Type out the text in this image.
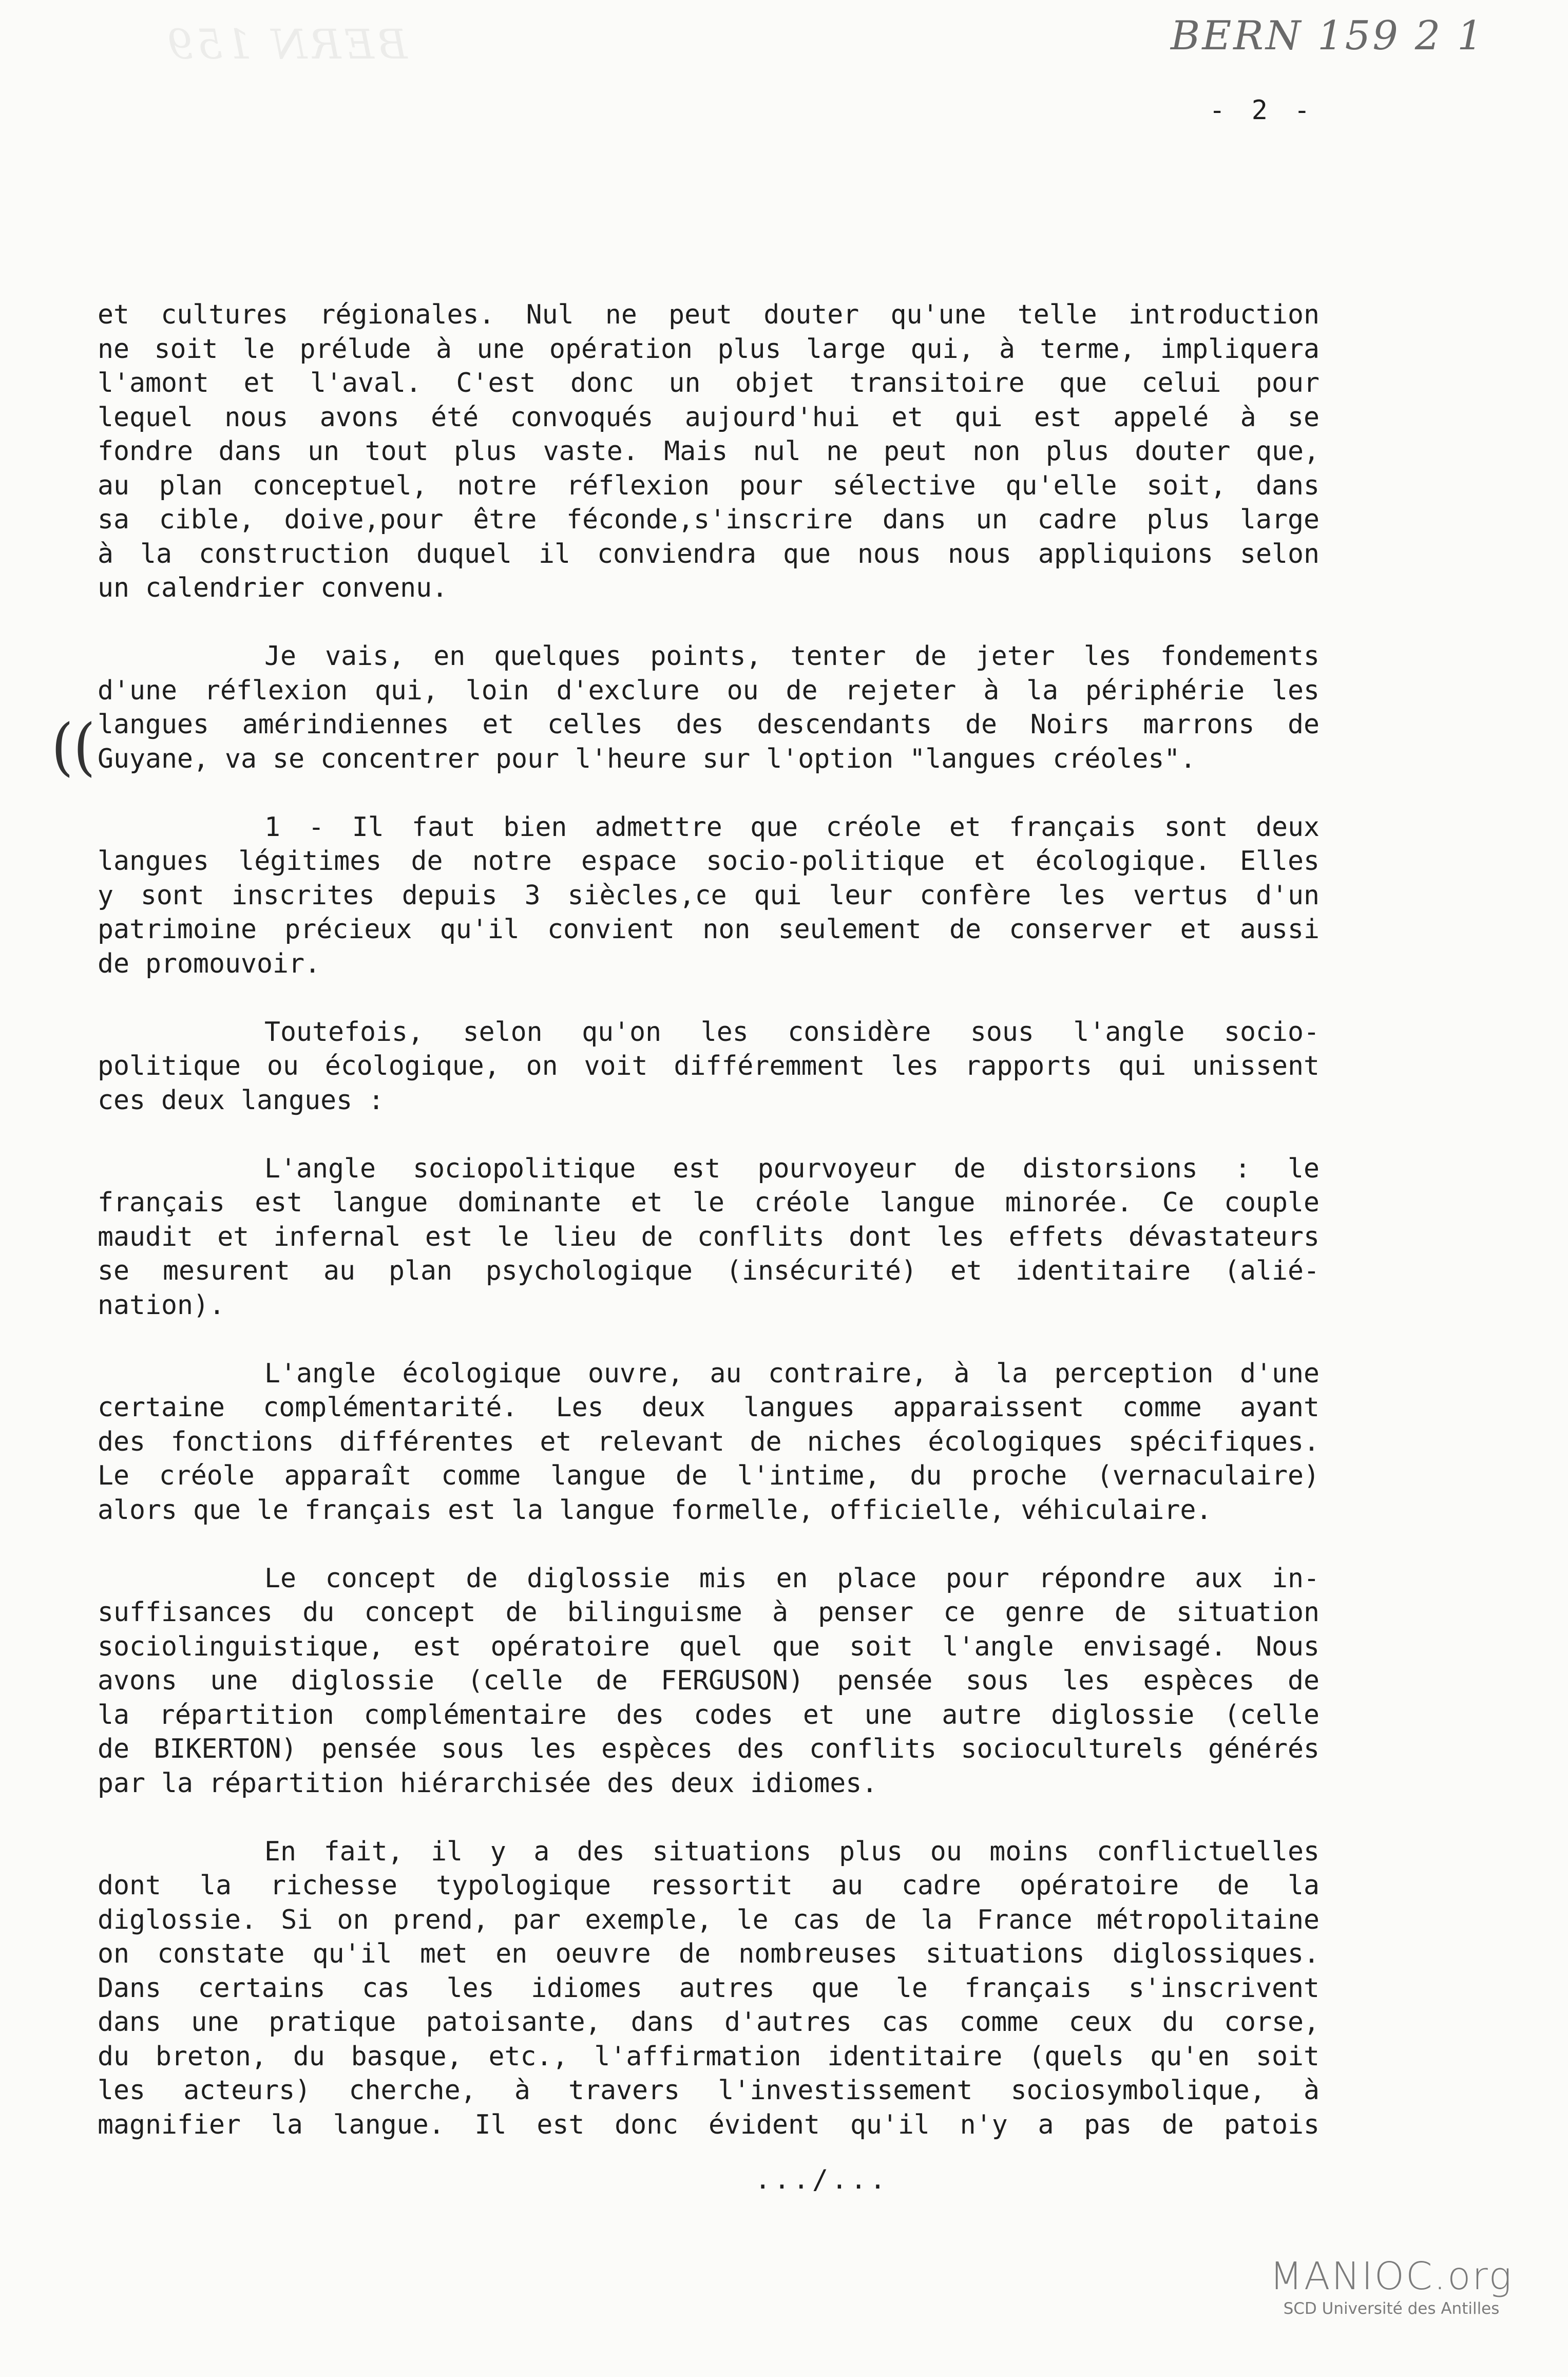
BERN 159	BERN 159 2 1
- 2 -
((
et cultures régionales. Nul ne peut douter qu'une telle introduction
ne soit le prélude à une opération plus large qui, à terme, impliquera
l'amont et l'aval. C'est donc un objet transitoire que celui pour
lequel nous avons été convoqués aujourd'hui et qui est appelé à se
fondre dans un tout plus vaste. Mais nul ne peut non plus douter que,
au plan conceptuel, notre réflexion pour sélective qu'elle soit, dans
sa cible, doive,pour être féconde,s'inscrire dans un cadre plus large
à la construction duquel il conviendra que nous nous appliquions selon
un calendrier convenu.
Je vais, en quelques points, tenter de jeter les fondements
d'une réflexion qui, loin d'exclure ou de rejeter à la périphérie les
langues amérindiennes et celles des descendants de Noirs marrons de
Guyane, va se concentrer pour l'heure sur l'option "langues créoles".
1 - Il faut bien admettre que créole et français sont deux
langues légitimes de notre espace socio-politique et écologique. Elles
y sont inscrites depuis 3 siècles,ce qui leur confère les vertus d'un
patrimoine précieux qu'il convient non seulement de conserver et aussi
de promouvoir.
Toutefois, selon qu'on les considère sous l'angle socio-
politique ou écologique, on voit différemment les rapports qui unissent
ces deux langues :
L'angle sociopolitique est pourvoyeur de distorsions : le
français est langue dominante et le créole langue minorée. Ce couple
maudit et infernal est le lieu de conflits dont les effets dévastateurs
se mesurent au plan psychologique (insécurité) et identitaire (alié-
nation).
L'angle écologique ouvre, au contraire, à la perception d'une
certaine complémentarité. Les deux langues apparaissent comme ayant
des fonctions différentes et relevant de niches écologiques spécifiques.
Le créole apparaît comme langue de l'intime, du proche (vernaculaire)
alors que le français est la langue formelle, officielle, véhiculaire.
Le concept de diglossie mis en place pour répondre aux in-
suffisances du concept de bilinguisme à penser ce genre de situation
sociolinguistique, est opératoire quel que soit l'angle envisagé. Nous
avons une diglossie (celle de FERGUSON) pensée sous les espèces de
la répartition complémentaire des codes et une autre diglossie (celle
de BIKERTON) pensée sous les espèces des conflits socioculturels générés
par la répartition hiérarchisée des deux idiomes.
En fait, il y a des situations plus ou moins conflictuelles
dont la richesse typologique ressortit au cadre opératoire de la
diglossie. Si on prend, par exemple, le cas de la France métropolitaine
on constate qu'il met en oeuvre de nombreuses situations diglossiques.
Dans certains cas les idiomes autres que le français s'inscrivent
dans une pratique patoisante, dans d'autres cas comme ceux du corse,
du breton, du basque, etc., l'affirmation identitaire (quels qu'en soit
les acteurs) cherche, à travers l'investissement sociosymbolique, à
magnifier la langue. Il est donc évident qu'il n'y a pas de patois
.../...
MANIOC.org
SCD Université des Antilles
